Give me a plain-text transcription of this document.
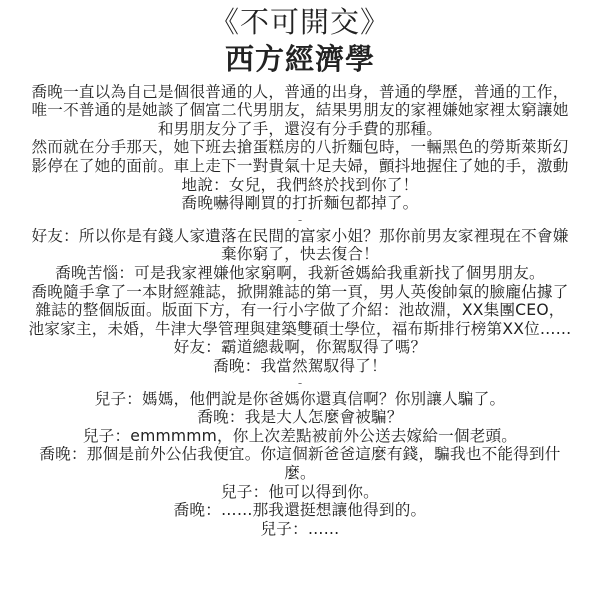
《不可開交》
西方經濟學

喬晚一直以為自己是個很普通的人，普通的出身，普通的學歷，普通的工作，唯一不普通的是她談了個富二代男朋友，結果男朋友的家裡嫌她家裡太窮讓她和男朋友分了手，還沒有分手費的那種。

然而就在分手那天，她下班去搶蛋糕房的八折麵包時，一輛黑色的勞斯萊斯幻影停在了她的面前。車上走下一對貴氣十足夫婦，顫抖地握住了她的手，激動地說：女兒，我們終於找到你了！

喬晚嚇得剛買的打折麵包都掉了。

-

好友：所以你是有錢人家遺落在民間的富家小姐？那你前男友家裡現在不會嫌棄你窮了，快去復合！

喬晚苦惱：可是我家裡嫌他家窮啊，我新爸媽給我重新找了個男朋友。

喬晚隨手拿了一本財經雜誌，掀開雜誌的第一頁，男人英俊帥氣的臉龐佔據了雜誌的整個版面。版面下方，有一行小字做了介紹：池故淵，XX集團CEO，池家家主，未婚，牛津大學管理與建築雙碩士學位，福布斯排行榜第XX位……

好友：霸道總裁啊，你駕馭得了嗎？

喬晚：我當然駕馭得了！

-

兒子：媽媽，他們說是你爸媽你還真信啊？你別讓人騙了。

喬晚：我是大人怎麼會被騙？

兒子：emmmmm，你上次差點被前外公送去嫁給一個老頭。

喬晚：那個是前外公佔我便宜。你這個新爸爸這麼有錢，騙我也不能得到什麼。

兒子：他可以得到你。

喬晚：……那我還挺想讓他得到的。

兒子：……
